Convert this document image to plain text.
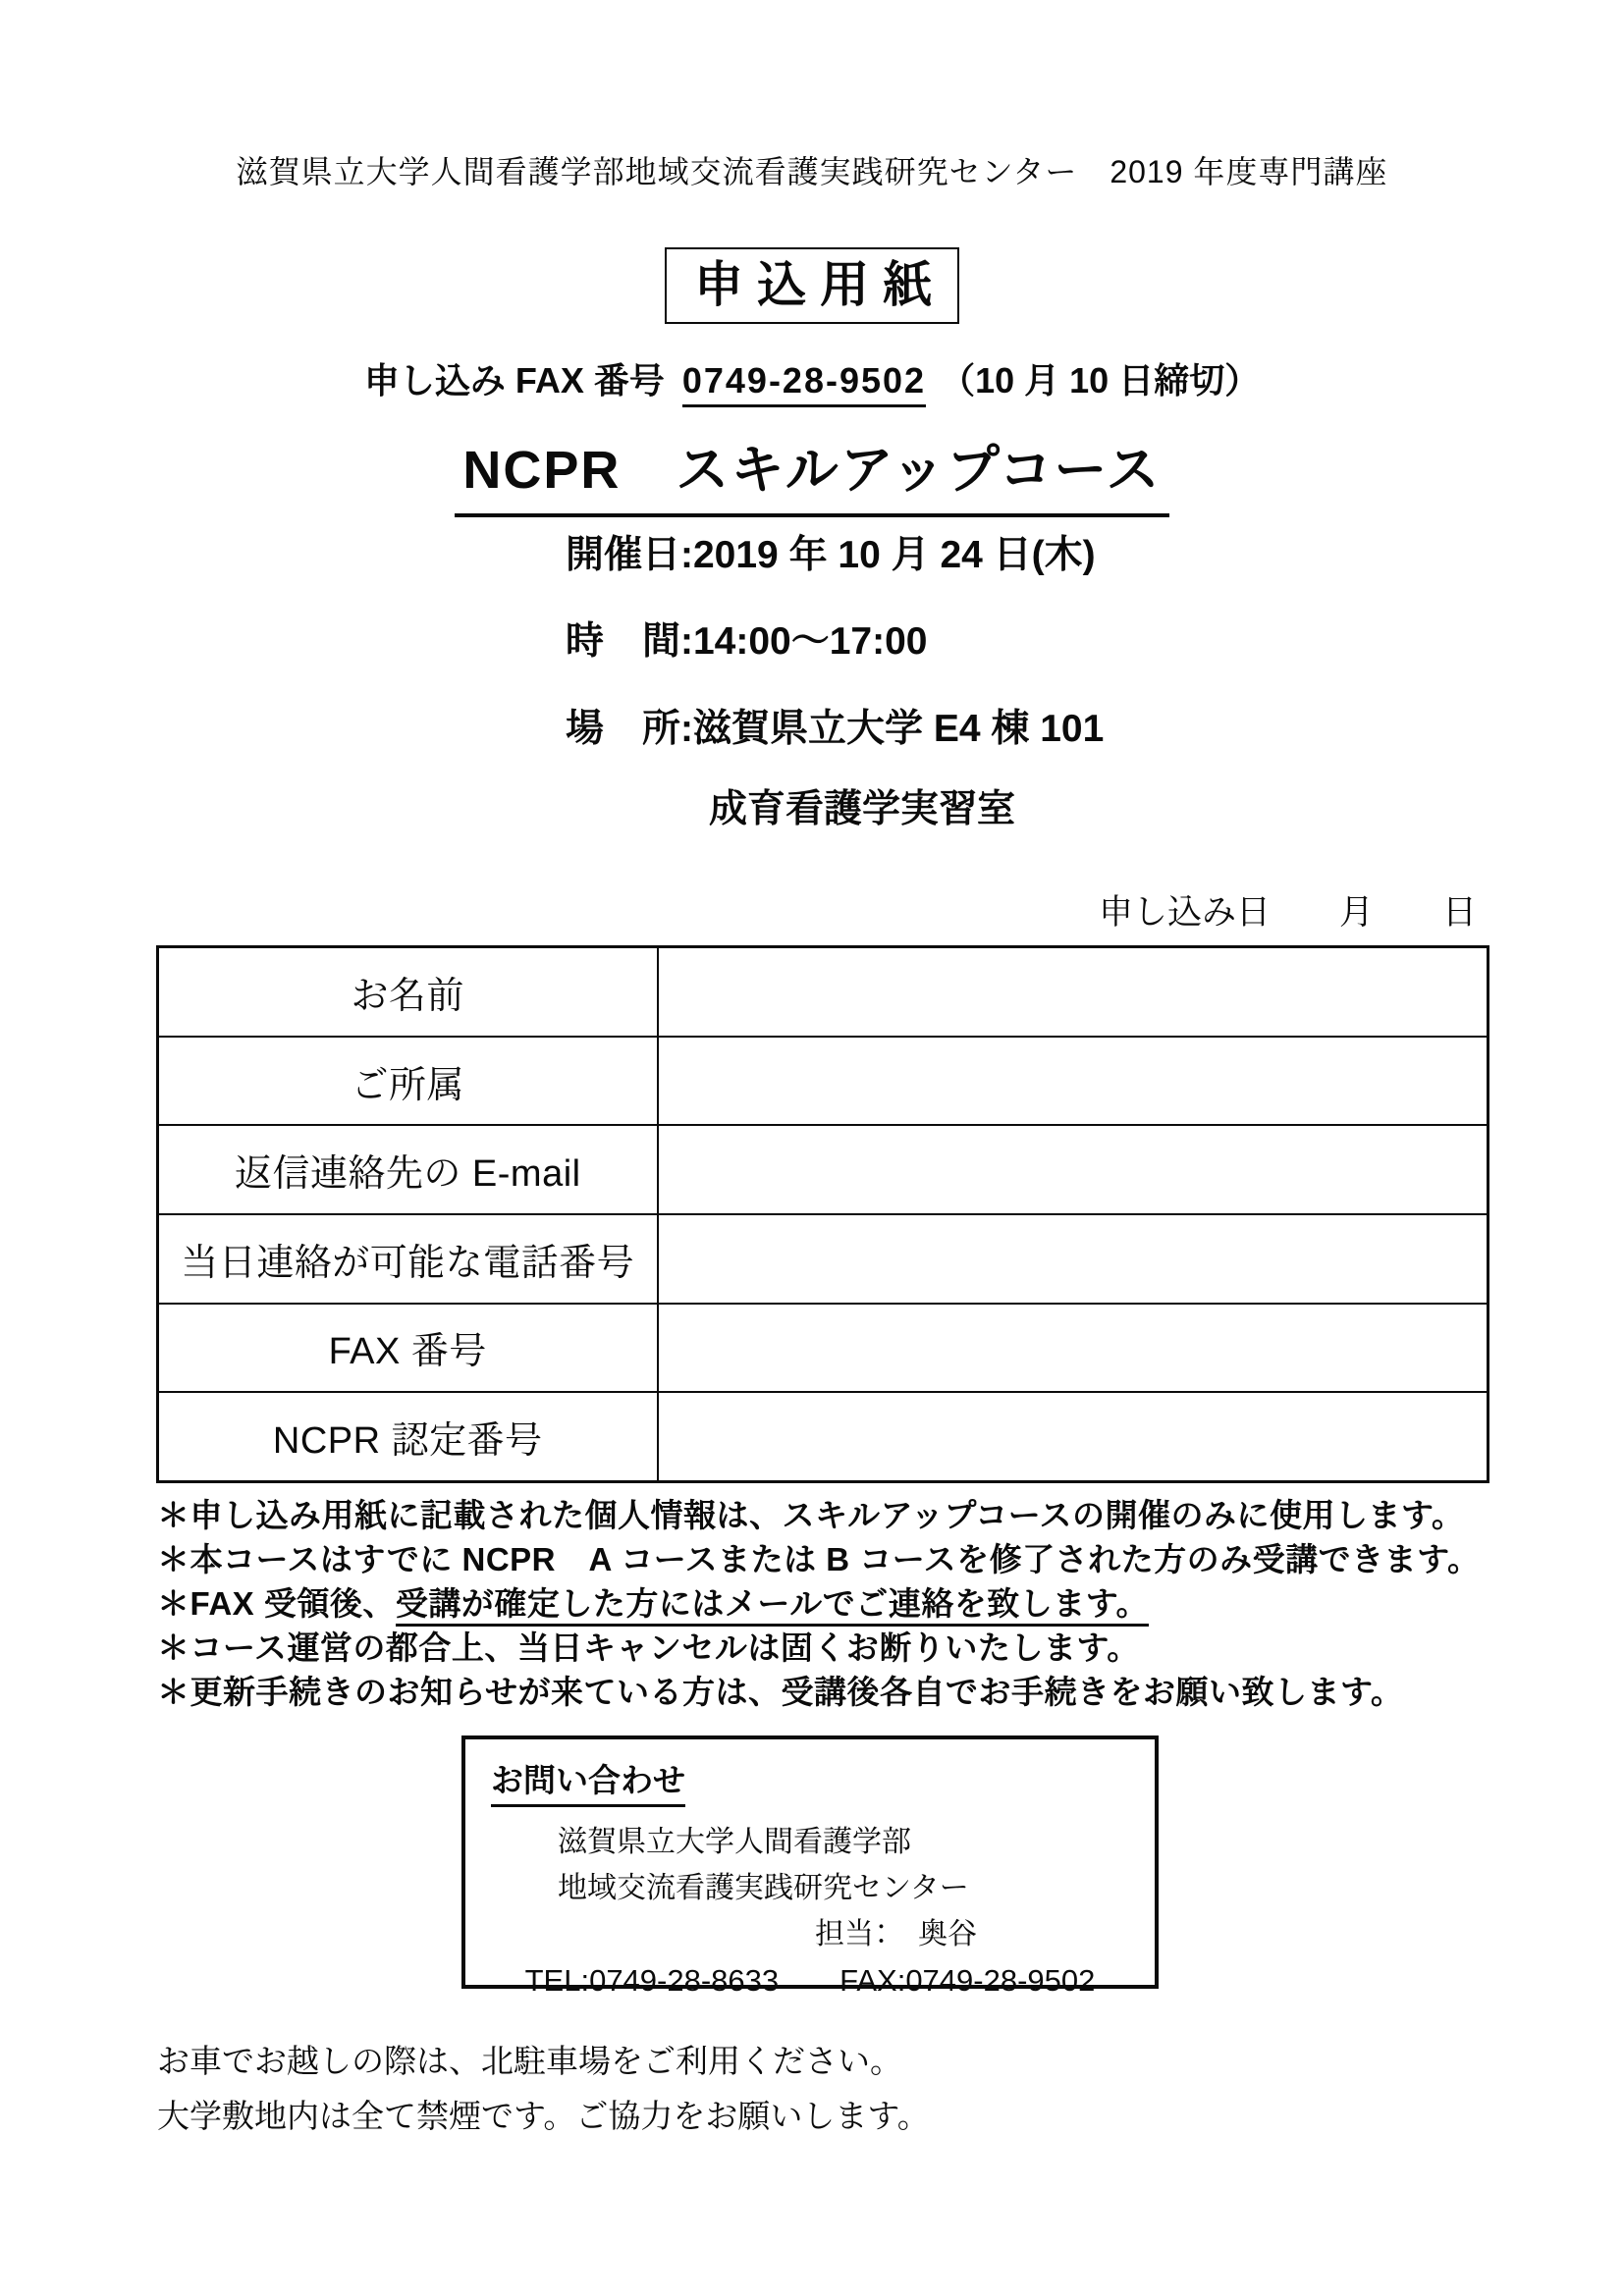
滋賀県立大学人間看護学部地域交流看護実践研究センター　2019 年度専門講座
申込用紙
申し込み FAX 番号 0749-28-9502 （10 月 10 日締切）
NCPR　スキルアップコース
開催日:2019 年 10 月 24 日(木)
時　間:14:00～17:00
場　所:滋賀県立大学 E4 棟 101
成育看護学実習室
申し込み日　　月　　日
お名前	
ご所属	
返信連絡先の E-mail	
当日連絡が可能な電話番号	
FAX 番号	
NCPR 認定番号	
＊申し込み用紙に記載された個人情報は、スキルアップコースの開催のみに使用します。
＊本コースはすでに NCPR　A コースまたは B コースを修了された方のみ受講できます。
＊FAX 受領後、受講が確定した方にはメールでご連絡を致します。
＊コース運営の都合上、当日キャンセルは固くお断りいたします。
＊更新手続きのお知らせが来ている方は、受講後各自でお手続きをお願い致します。
お問い合わせ
滋賀県立大学人間看護学部
地域交流看護実践研究センター
担当：　奥谷
TEL:0749-28-8633　　FAX:0749-28-9502
お車でお越しの際は、北駐車場をご利用ください。
大学敷地内は全て禁煙です。ご協力をお願いします。
